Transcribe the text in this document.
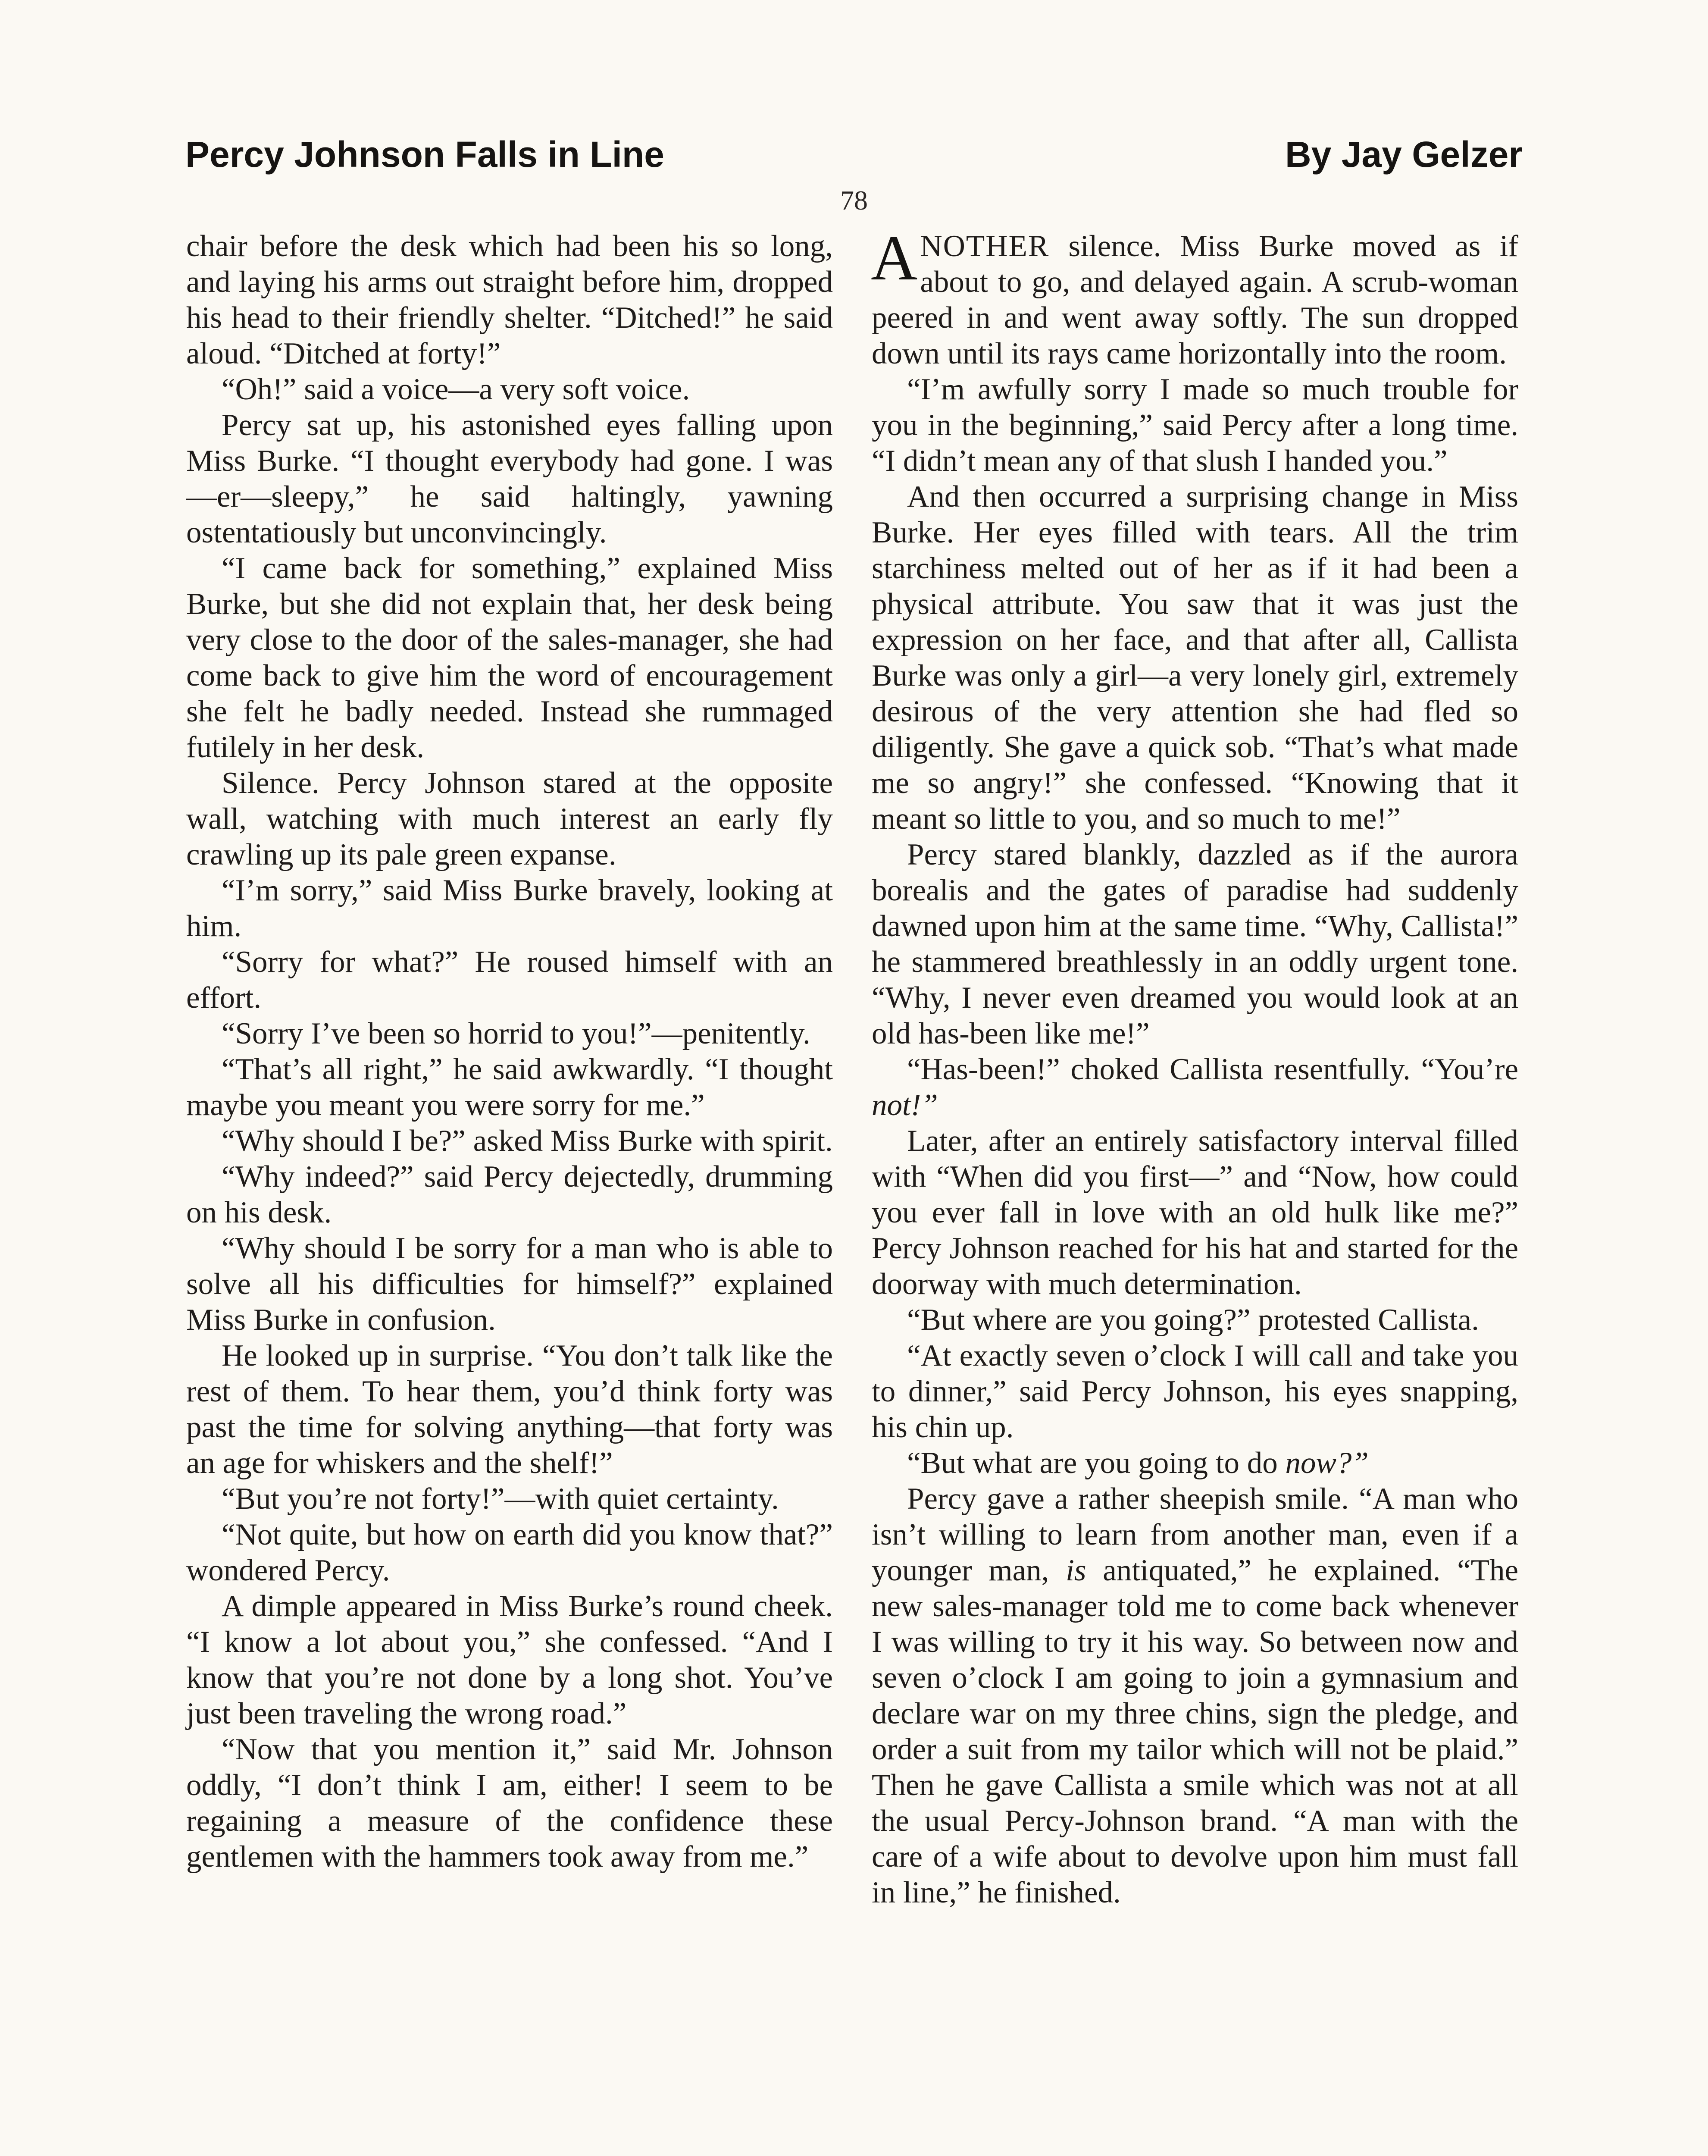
Percy Johnson Falls in Line	By Jay Gelzer
78

chair before the desk which had been his so long, and laying his arms out straight before him, dropped his head to their friendly shelter. “Ditched!” he said aloud. “Ditched at forty!”

“Oh!” said a voice—a very soft voice.

Percy sat up, his astonished eyes falling upon Miss Burke. “I thought everybody had gone. I was—er—sleepy,” he said haltingly, yawning ostentatiously but unconvincingly.

“I came back for something,” explained Miss Burke, but she did not explain that, her desk being very close to the door of the sales-manager, she had come back to give him the word of encouragement she felt he badly needed. Instead she rummaged futilely in her desk.

Silence. Percy Johnson stared at the opposite wall, watching with much interest an early fly crawling up its pale green expanse.

“I’m sorry,” said Miss Burke bravely, looking at him.

“Sorry for what?” He roused himself with an effort.

“Sorry I’ve been so horrid to you!”—penitently.

“That’s all right,” he said awkwardly. “I thought maybe you meant you were sorry for me.”

“Why should I be?” asked Miss Burke with spirit.

“Why indeed?” said Percy dejectedly, drumming on his desk.

“Why should I be sorry for a man who is able to solve all his difficulties for himself?” explained Miss Burke in confusion.

He looked up in surprise. “You don’t talk like the rest of them. To hear them, you’d think forty was past the time for solving anything—that forty was an age for whiskers and the shelf!”

“But you’re not forty!”—with quiet certainty.

“Not quite, but how on earth did you know that?” wondered Percy.

A dimple appeared in Miss Burke’s round cheek. “I know a lot about you,” she confessed. “And I know that you’re not done by a long shot. You’ve just been traveling the wrong road.”

“Now that you mention it,” said Mr. Johnson oddly, “I don’t think I am, either! I seem to be regaining a measure of the confidence these gentlemen with the hammers took away from me.”

ANOTHER silence. Miss Burke moved as if about to go, and delayed again. A scrub-woman peered in and went away softly. The sun dropped down until its rays came horizontally into the room.

“I’m awfully sorry I made so much trouble for you in the beginning,” said Percy after a long time. “I didn’t mean any of that slush I handed you.”

And then occurred a surprising change in Miss Burke. Her eyes filled with tears. All the trim starchiness melted out of her as if it had been a physical attribute. You saw that it was just the expression on her face, and that after all, Callista Burke was only a girl—a very lonely girl, extremely desirous of the very attention she had fled so diligently. She gave a quick sob. “That’s what made me so angry!” she confessed. “Knowing that it meant so little to you, and so much to me!”

Percy stared blankly, dazzled as if the aurora borealis and the gates of paradise had suddenly dawned upon him at the same time. “Why, Callista!” he stammered breathlessly in an oddly urgent tone. “Why, I never even dreamed you would look at an old has-been like me!”

“Has-been!” choked Callista resentfully. “You’re not!”

Later, after an entirely satisfactory interval filled with “When did you first—” and “Now, how could you ever fall in love with an old hulk like me?” Percy Johnson reached for his hat and started for the doorway with much determination.

“But where are you going?” protested Callista.

“At exactly seven o’clock I will call and take you to dinner,” said Percy Johnson, his eyes snapping, his chin up.

“But what are you going to do now?”

Percy gave a rather sheepish smile. “A man who isn’t willing to learn from another man, even if a younger man, is antiquated,” he explained. “The new sales-manager told me to come back whenever I was willing to try it his way. So between now and seven o’clock I am going to join a gymnasium and declare war on my three chins, sign the pledge, and order a suit from my tailor which will not be plaid.” Then he gave Callista a smile which was not at all the usual Percy-Johnson brand. “A man with the care of a wife about to devolve upon him must fall in line,” he finished.
